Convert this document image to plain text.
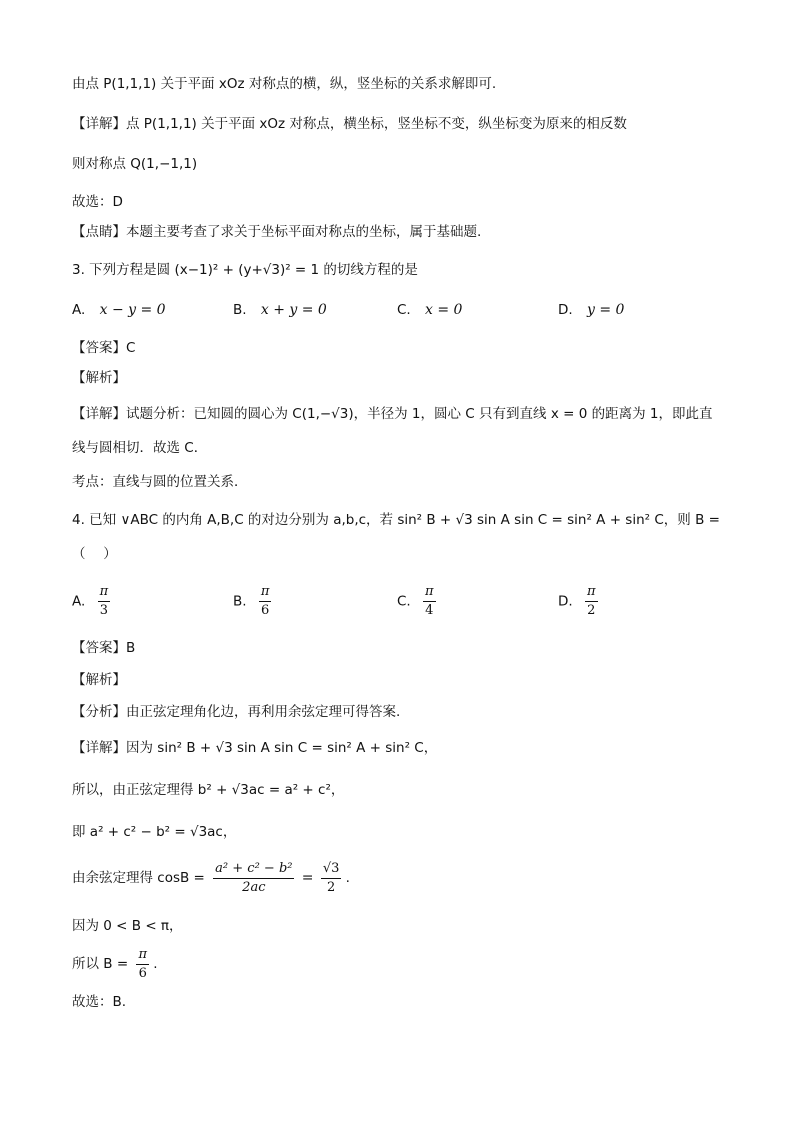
由点 P(1,1,1) 关于平面 xOz 对称点的横，纵，竖坐标的关系求解即可.
【详解】点 P(1,1,1) 关于平面 xOz 对称点，横坐标，竖坐标不变，纵坐标变为原来的相反数
则对称点 Q(1,−1,1)
故选：D
【点睛】本题主要考查了求关于坐标平面对称点的坐标，属于基础题.
3. 下列方程是圆 (x−1)² + (y+√3)² = 1 的切线方程的是
A. x − y = 0	B. x + y = 0	C. x = 0	D. y = 0
【答案】C
【解析】
【详解】试题分析：已知圆的圆心为 C(1,−√3)，半径为 1，圆心 C 只有到直线 x = 0 的距离为 1，即此直
线与圆相切．故选 C．
考点：直线与圆的位置关系．
4. 已知 ∨ABC 的内角 A,B,C 的对边分别为 a,b,c，若 sin² B + √3 sin A sin C = sin² A + sin² C，则 B =
（　 ）
A. $\frac{\pi}{3}$	B. $\frac{\pi}{6}$	C. $\frac{\pi}{4}$	D. $\frac{\pi}{2}$
【答案】B
【解析】
【分析】由正弦定理角化边，再利用余弦定理可得答案.
【详解】因为 sin² B + √3 sin A sin C = sin² A + sin² C，
所以，由正弦定理得 b² + √3ac = a² + c²，
即 a² + c² − b² = √3ac，
由余弦定理得 $\cos B = \frac{\text{a² + c² − b²}}{2ac} = \frac{√3}{2}$ .
因为 0 < B < π，
所以 $B = \frac{\pi}{6}$ .
故选：B.
